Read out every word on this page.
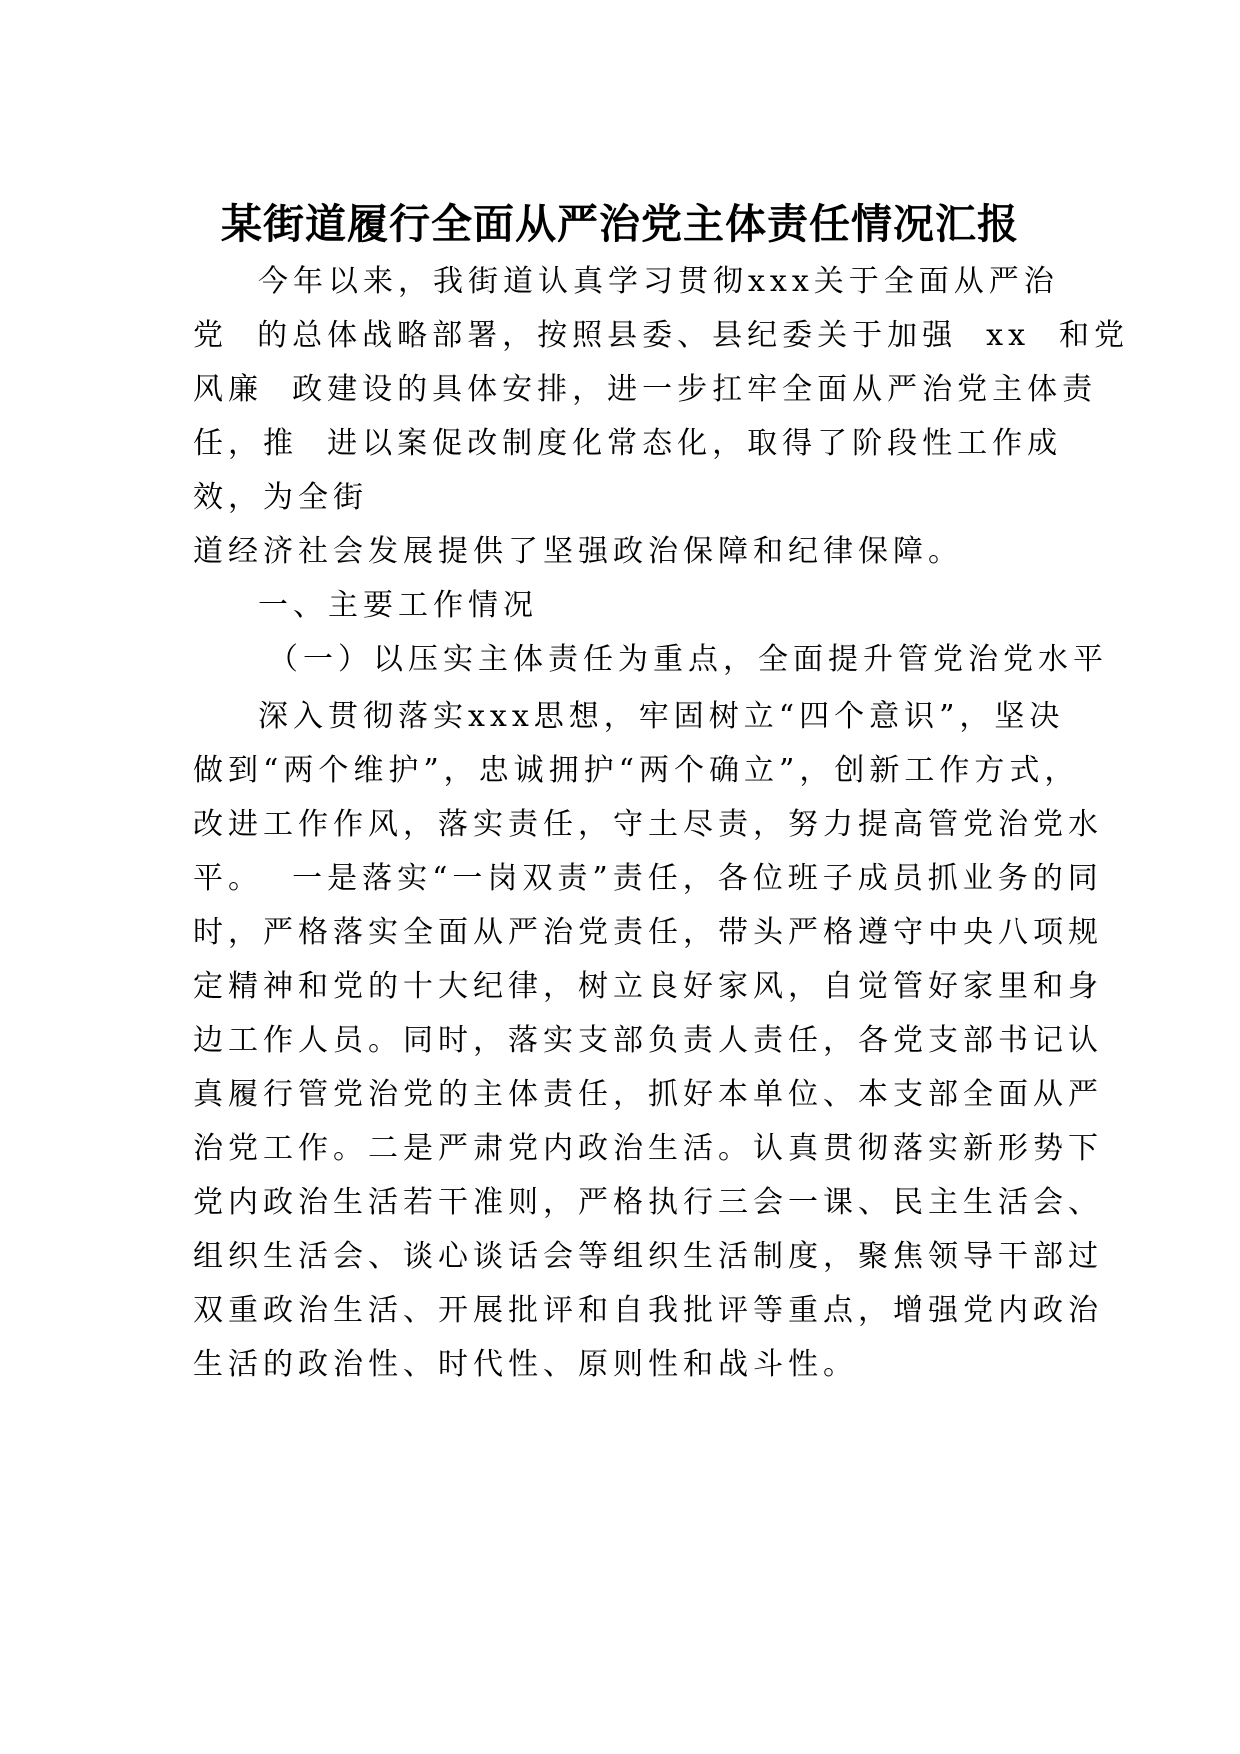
某街道履行全面从严治党主体责任情况汇报
今年以来，我街道认真学习贯彻xxx关于全面从严治
党  的总体战略部署，按照县委、县纪委关于加强  xx  和党
风廉  政建设的具体安排，进一步扛牢全面从严治党主体责
任，推  进以案促改制度化常态化，取得了阶段性工作成
效，为全街
道经济社会发展提供了坚强政治保障和纪律保障。
一、主要工作情况
（一）以压实主体责任为重点，全面提升管党治党水平
深入贯彻落实xxx思想，牢固树立“四个意识”，坚决
做到“两个维护”，忠诚拥护“两个确立”，创新工作方式，
改进工作作风，落实责任，守土尽责，努力提高管党治党水
平。  一是落实“一岗双责”责任，各位班子成员抓业务的同
时，严格落实全面从严治党责任，带头严格遵守中央八项规
定精神和党的十大纪律，树立良好家风，自觉管好家里和身
边工作人员。同时，落实支部负责人责任，各党支部书记认
真履行管党治党的主体责任，抓好本单位、本支部全面从严
治党工作。二是严肃党内政治生活。认真贯彻落实新形势下
党内政治生活若干准则，严格执行三会一课、民主生活会、
组织生活会、谈心谈话会等组织生活制度，聚焦领导干部过
双重政治生活、开展批评和自我批评等重点，增强党内政治
生活的政治性、时代性、原则性和战斗性。
